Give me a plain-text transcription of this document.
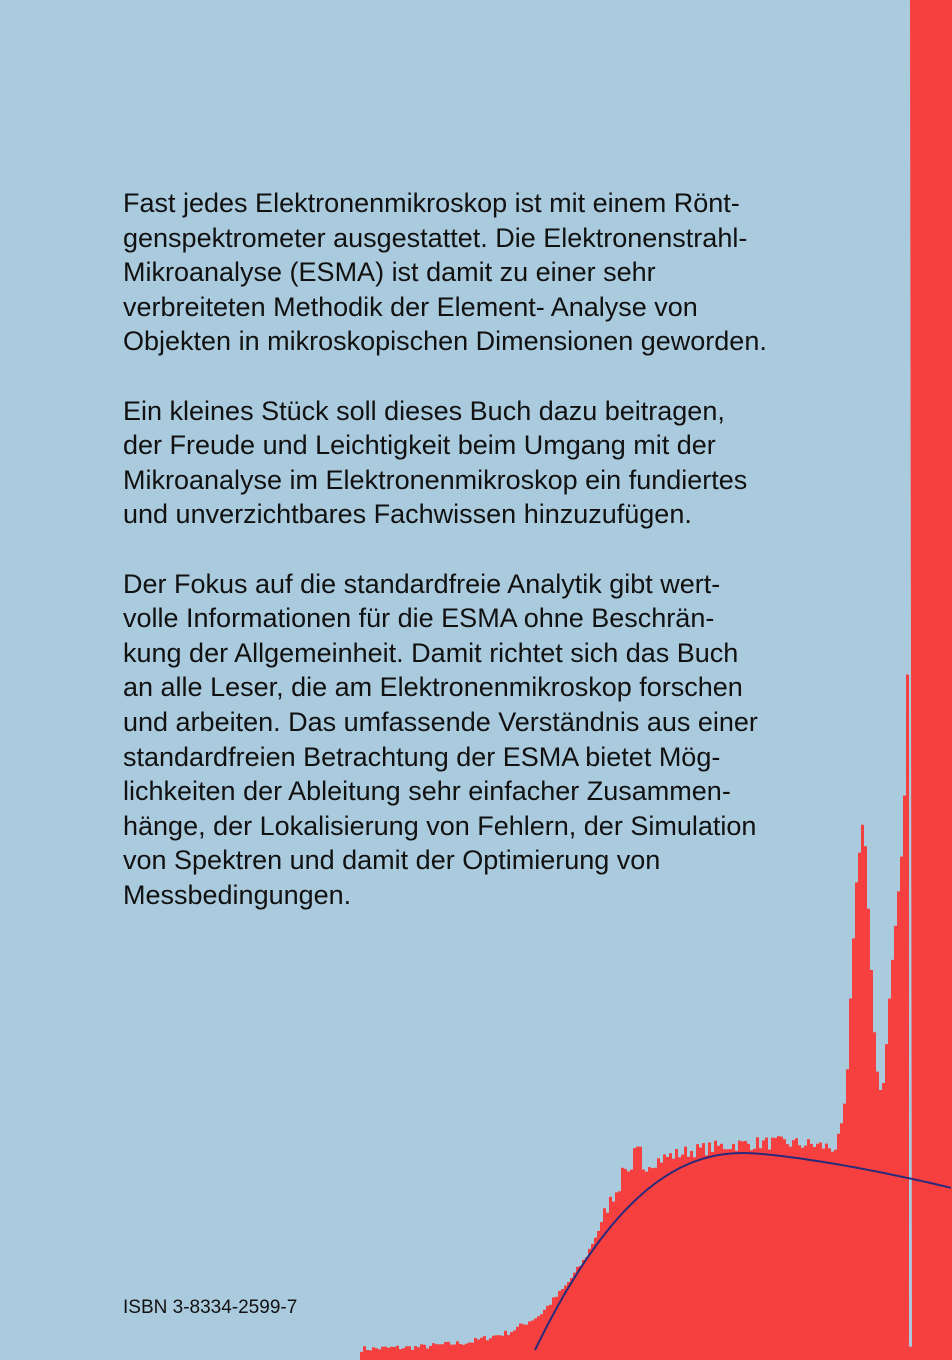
Fast jedes Elektronenmikroskop ist mit einem Rönt-
genspektrometer ausgestattet. Die Elektronenstrahl-
Mikroanalyse (ESMA) ist damit zu einer sehr
verbreiteten Methodik der Element- Analyse von
Objekten in mikroskopischen Dimensionen geworden.

Ein kleines Stück soll dieses Buch dazu beitragen,
der Freude und Leichtigkeit beim Umgang mit der
Mikroanalyse im Elektronenmikroskop ein fundiertes
und unverzichtbares Fachwissen hinzuzufügen.

Der Fokus auf die standardfreie Analytik gibt wert-
volle Informationen für die ESMA ohne Beschrän-
kung der Allgemeinheit. Damit richtet sich das Buch
an alle Leser, die am Elektronenmikroskop forschen
und arbeiten. Das umfassende Verständnis aus einer
standardfreien Betrachtung der ESMA bietet Mög-
lichkeiten der Ableitung sehr einfacher Zusammen-
hänge, der Lokalisierung von Fehlern, der Simulation
von Spektren und damit der Optimierung von
Messbedingungen.

ISBN 3-8334-2599-7
